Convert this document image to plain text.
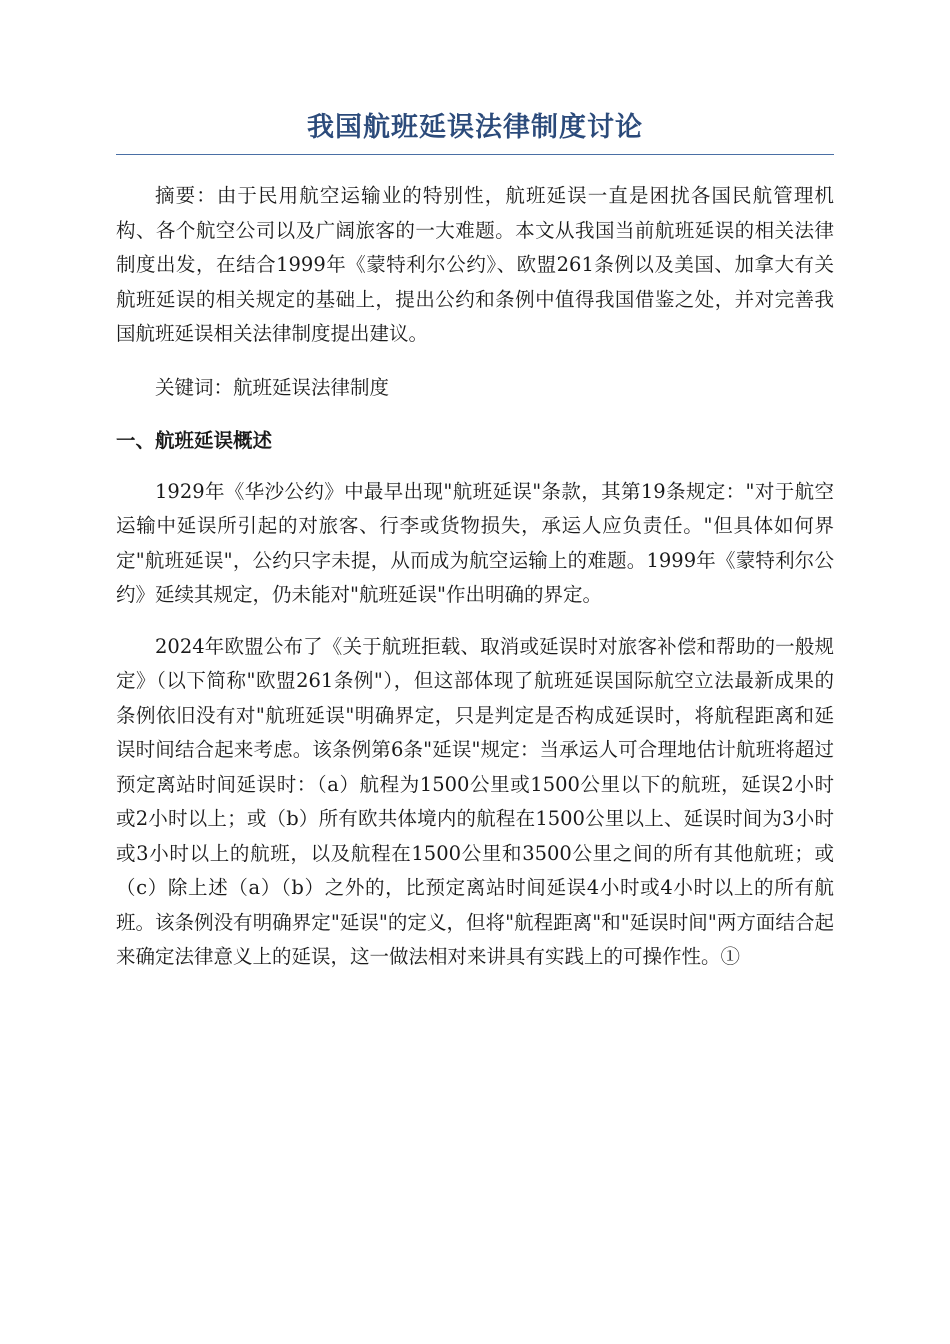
我国航班延误法律制度讨论

摘要：由于民用航空运输业的特别性，航班延误一直是困扰各国民航管理机构、各个航空公司以及广阔旅客的一大难题。本文从我国当前航班延误的相关法律制度出发，在结合1999年《蒙特利尔公约》、欧盟261条例以及美国、加拿大有关航班延误的相关规定的基础上，提出公约和条例中值得我国借鉴之处，并对完善我国航班延误相关法律制度提出建议。

关键词：航班延误法律制度

一、航班延误概述

1929年《华沙公约》中最早出现"航班延误"条款，其第19条规定："对于航空运输中延误所引起的对旅客、行李或货物损失，承运人应负责任。"但具体如何界定"航班延误"，公约只字未提，从而成为航空运输上的难题。1999年《蒙特利尔公约》延续其规定，仍未能对"航班延误"作出明确的界定。

2024年欧盟公布了《关于航班拒载、取消或延误时对旅客补偿和帮助的一般规定》（以下简称"欧盟261条例"），但这部体现了航班延误国际航空立法最新成果的条例依旧没有对"航班延误"明确界定，只是判定是否构成延误时，将航程距离和延误时间结合起来考虑。该条例第6条"延误"规定：当承运人可合理地估计航班将超过预定离站时间延误时：（a）航程为1500公里或1500公里以下的航班，延误2小时或2小时以上；或（b）所有欧共体境内的航程在1500公里以上、延误时间为3小时或3小时以上的航班，以及航程在1500公里和3500公里之间的所有其他航班；或（c）除上述（a）（b）之外的，比预定离站时间延误4小时或4小时以上的所有航班。该条例没有明确界定"延误"的定义，但将"航程距离"和"延误时间"两方面结合起来确定法律意义上的延误，这一做法相对来讲具有实践上的可操作性。①
